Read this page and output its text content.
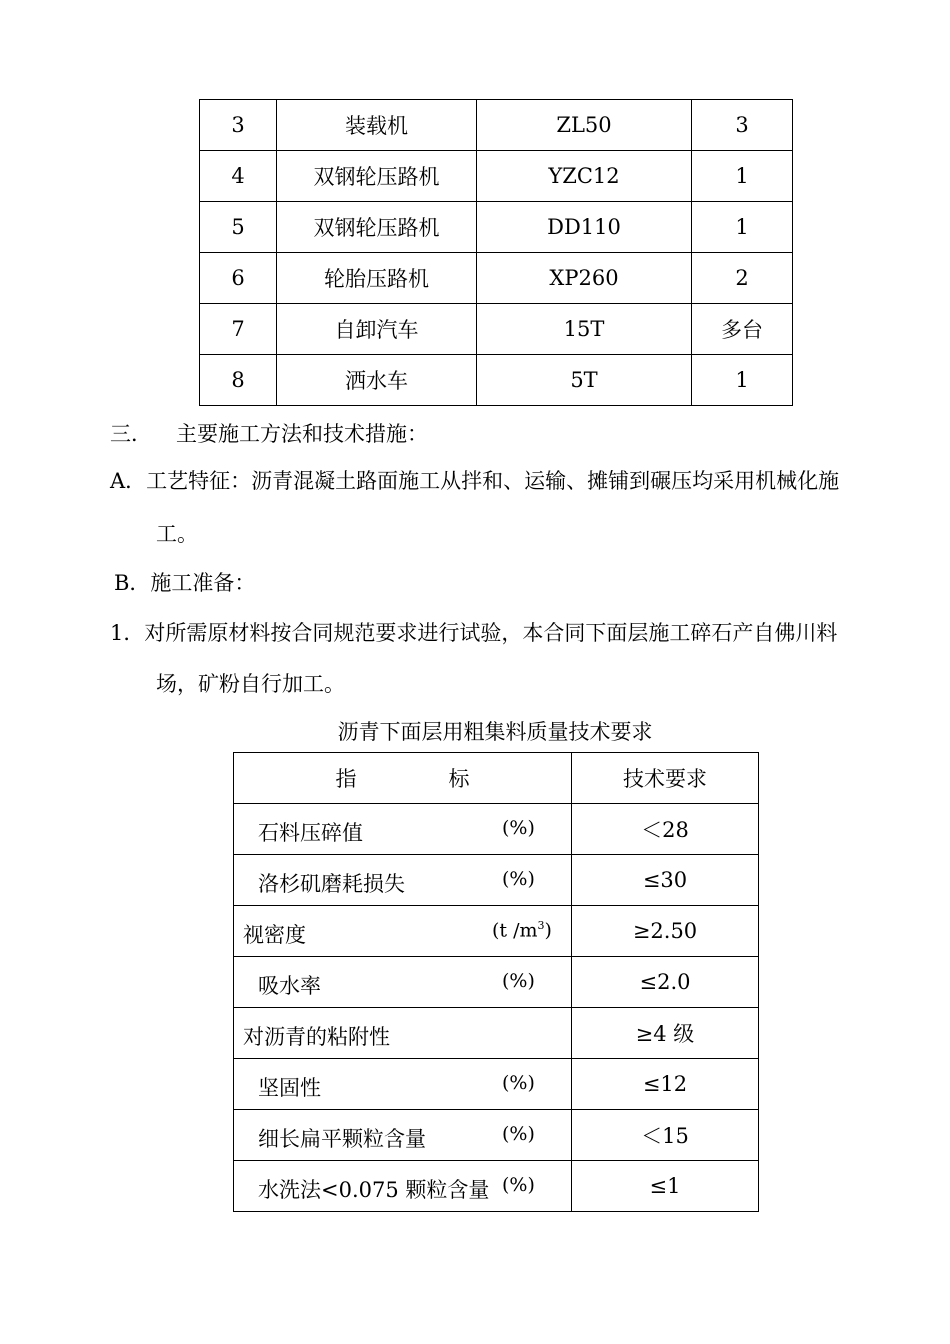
3	装载机	ZL50	3
4	双钢轮压路机	YZC12	1
5	双钢轮压路机	DD110	1
6	轮胎压路机	XP260	2
7	自卸汽车	15T	多台
8	洒水车	5T	1
三． 主要施工方法和技术措施：
A．工艺特征：沥青混凝土路面施工从拌和、运输、摊铺到碾压均采用机械化施
工。
B．施工准备：
1．对所需原材料按合同规范要求进行试验，本合同下面层施工碎石产自佛川料
场，矿粉自行加工。
沥青下面层用粗集料质量技术要求
指 标	技术要求

石料压碎值 (%)	＜28

洛杉矶磨耗损失 (%)	≤30

视密度 (t $/m^3$)	≥2.50

吸水率 (%)	≤2.0

对沥青的粘附性	≥4 级

坚固性 (%)	≤12

细长扁平颗粒含量 (%)	＜15

水洗法<0.075 颗粒含量 (%)	≤1
